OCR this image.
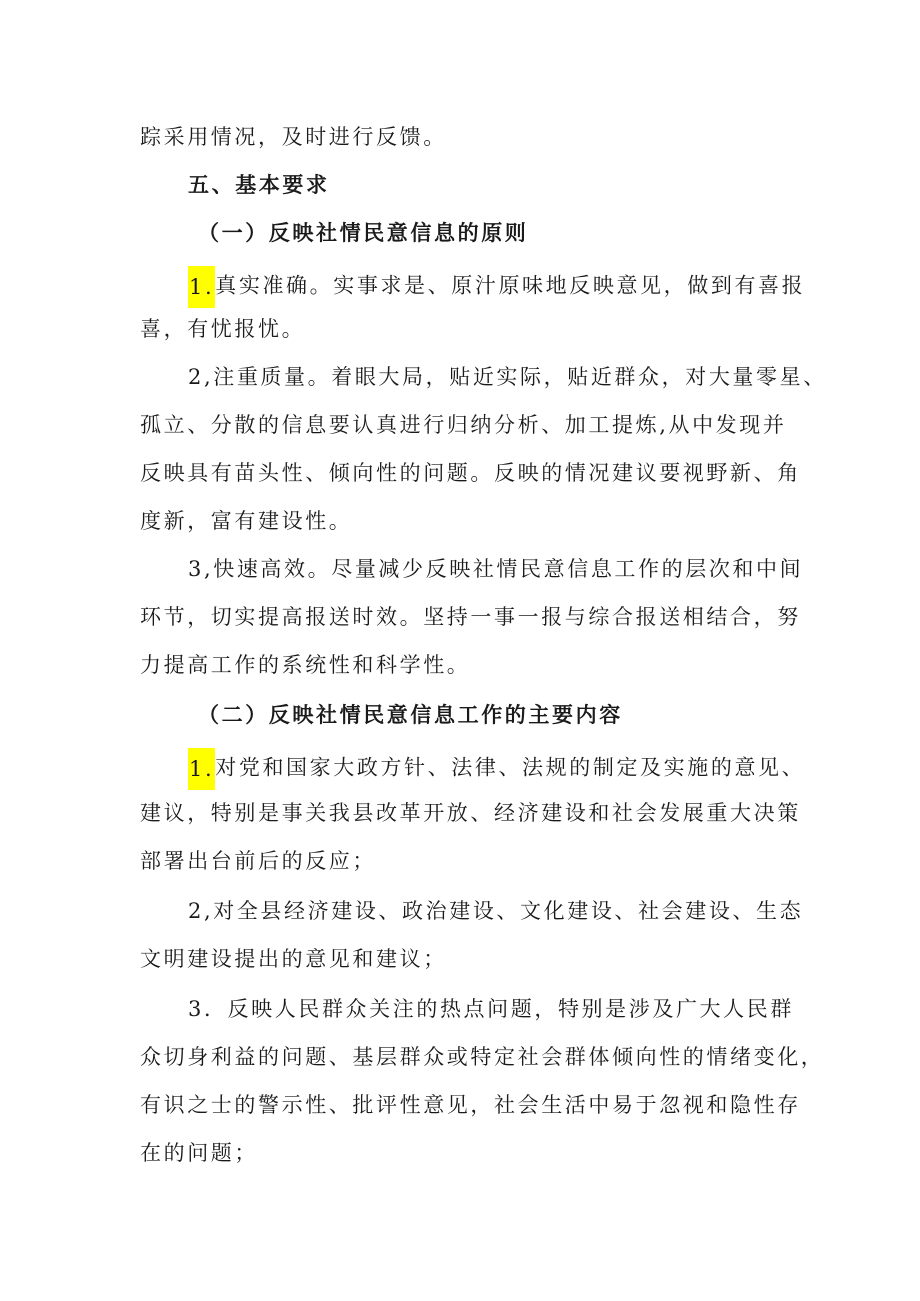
踪采用情况，及时进行反馈。
五、基本要求
（一）反映社情民意信息的原则
1.真实准确。实事求是、原汁原味地反映意见，做到有喜报
喜，有忧报忧。
2,注重质量。着眼大局，贴近实际，贴近群众，对大量零星、
孤立、分散的信息要认真进行归纳分析、加工提炼,从中发现并
反映具有苗头性、倾向性的问题。反映的情况建议要视野新、角
度新，富有建设性。
3,快速高效。尽量减少反映社情民意信息工作的层次和中间
环节，切实提高报送时效。坚持一事一报与综合报送相结合，努
力提高工作的系统性和科学性。
（二）反映社情民意信息工作的主要内容
1.对党和国家大政方针、法律、法规的制定及实施的意见、
建议，特别是事关我县改革开放、经济建设和社会发展重大决策
部署出台前后的反应；
2,对全县经济建设、政治建设、文化建设、社会建设、生态
文明建设提出的意见和建议；
3．反映人民群众关注的热点问题，特别是涉及广大人民群
众切身利益的问题、基层群众或特定社会群体倾向性的情绪变化，
有识之士的警示性、批评性意见，社会生活中易于忽视和隐性存
在的问题；
